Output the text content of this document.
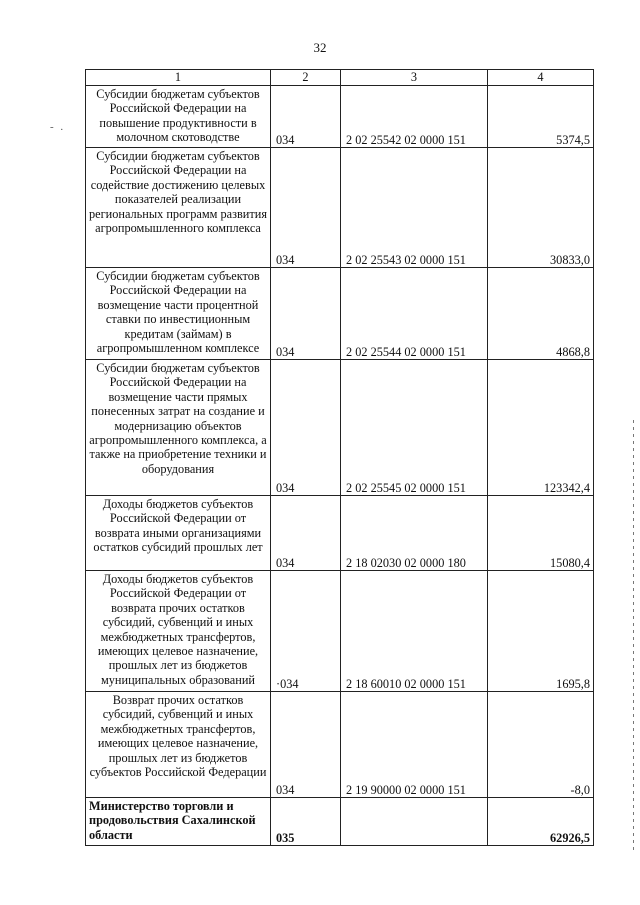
32
- .
1	2	3	4
Субсидии бюджетам субъектов Российской Федерации на повышение продуктивности в молочном скотоводстве	034	2 02 25542 02 0000 151	5374,5
Субсидии бюджетам субъектов Российской Федерации на содействие достижению целевых показателей реализации региональных программ развития агропромышленного комплекса	034	2 02 25543 02 0000 151	30833,0
Субсидии бюджетам субъектов Российской Федерации на возмещение части процентной ставки по инвестиционным кредитам (займам) в агропромышленном комплексе	034	2 02 25544 02 0000 151	4868,8
Субсидии бюджетам субъектов Российской Федерации на возмещение части прямых понесенных затрат на создание и модернизацию объектов агропромышленного комплекса, а также на приобретение техники и оборудования	034	2 02 25545 02 0000 151	123342,4
Доходы бюджетов субъектов Российской Федерации от возврата иными организациями остатков субсидий прошлых лет	034	2 18 02030 02 0000 180	15080,4
Доходы бюджетов субъектов Российской Федерации от возврата прочих остатков субсидий, субвенций и иных межбюджетных трансфертов, имеющих целевое назначение, прошлых лет из бюджетов муниципальных образований	·034	2 18 60010 02 0000 151	1695,8
Возврат прочих остатков субсидий, субвенций и иных межбюджетных трансфертов, имеющих целевое назначение, прошлых лет из бюджетов субъектов Российской Федерации	034	2 19 90000 02 0000 151	-8,0
Министерство торговли и продовольствия Сахалинской области	035		62926,5
